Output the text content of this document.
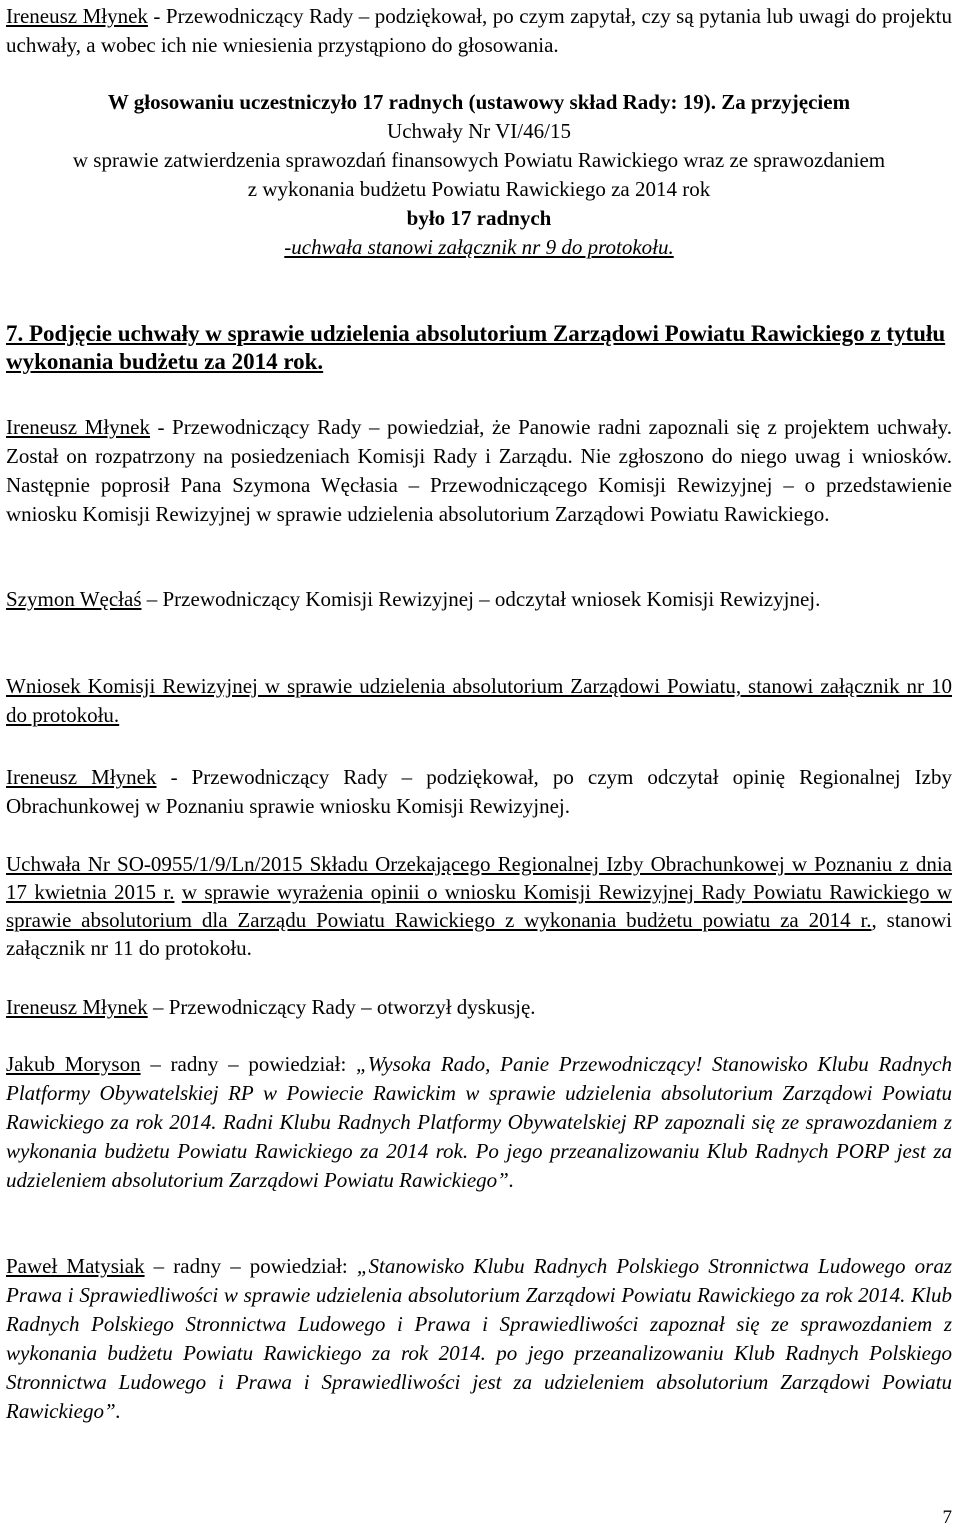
Ireneusz Młynek - Przewodniczący Rady – podziękował, po czym zapytał, czy są pytania lub uwagi do projektu uchwały, a wobec ich nie wniesienia przystąpiono do głosowania.

W głosowaniu uczestniczyło 17 radnych (ustawowy skład Rady: 19). Za przyjęciem

Uchwały Nr VI/46/15

w sprawie zatwierdzenia sprawozdań finansowych Powiatu Rawickiego wraz ze sprawozdaniem z wykonania budżetu Powiatu Rawickiego za 2014 rok

było 17 radnych

-uchwała stanowi załącznik nr 9 do protokołu.

7. Podjęcie uchwały w sprawie udzielenia absolutorium Zarządowi Powiatu Rawickiego z tytułu wykonania budżetu za 2014 rok.

Ireneusz Młynek - Przewodniczący Rady – powiedział, że Panowie radni zapoznali się z projektem uchwały. Został on rozpatrzony na posiedzeniach Komisji Rady i Zarządu. Nie zgłoszono do niego uwag i wniosków. Następnie poprosił Pana Szymona Węcłasia – Przewodniczącego Komisji Rewizyjnej – o przedstawienie wniosku Komisji Rewizyjnej w sprawie udzielenia absolutorium Zarządowi Powiatu Rawickiego.

Szymon Węcłaś – Przewodniczący Komisji Rewizyjnej – odczytał wniosek Komisji Rewizyjnej.

Wniosek Komisji Rewizyjnej w sprawie udzielenia absolutorium Zarządowi Powiatu, stanowi załącznik nr 10 do protokołu.

Ireneusz Młynek - Przewodniczący Rady – podziękował, po czym odczytał opinię Regionalnej Izby Obrachunkowej w Poznaniu sprawie wniosku Komisji Rewizyjnej.

Uchwała Nr SO-0955/1/9/Ln/2015 Składu Orzekającego Regionalnej Izby Obrachunkowej w Poznaniu z dnia 17 kwietnia 2015 r. w sprawie wyrażenia opinii o wniosku Komisji Rewizyjnej Rady Powiatu Rawickiego w sprawie absolutorium dla Zarządu Powiatu Rawickiego z wykonania budżetu powiatu za 2014 r., stanowi załącznik nr 11 do protokołu.

Ireneusz Młynek – Przewodniczący Rady – otworzył dyskusję.

Jakub Moryson – radny – powiedział: „Wysoka Rado, Panie Przewodniczący! Stanowisko Klubu Radnych Platformy Obywatelskiej RP w Powiecie Rawickim w sprawie udzielenia absolutorium Zarządowi Powiatu Rawickiego za rok 2014. Radni Klubu Radnych Platformy Obywatelskiej RP zapoznali się ze sprawozdaniem z wykonania budżetu Powiatu Rawickiego za 2014 rok. Po jego przeanalizowaniu Klub Radnych PORP jest za udzieleniem absolutorium Zarządowi Powiatu Rawickiego”.

Paweł Matysiak – radny – powiedział: „Stanowisko Klubu Radnych Polskiego Stronnictwa Ludowego oraz Prawa i Sprawiedliwości w sprawie udzielenia absolutorium Zarządowi Powiatu Rawickiego za rok 2014. Klub Radnych Polskiego Stronnictwa Ludowego i Prawa i Sprawiedliwości zapoznał się ze sprawozdaniem z wykonania budżetu Powiatu Rawickiego za rok 2014. po jego przeanalizowaniu Klub Radnych Polskiego Stronnictwa Ludowego i Prawa i Sprawiedliwości jest za udzieleniem absolutorium Zarządowi Powiatu Rawickiego”.

7
